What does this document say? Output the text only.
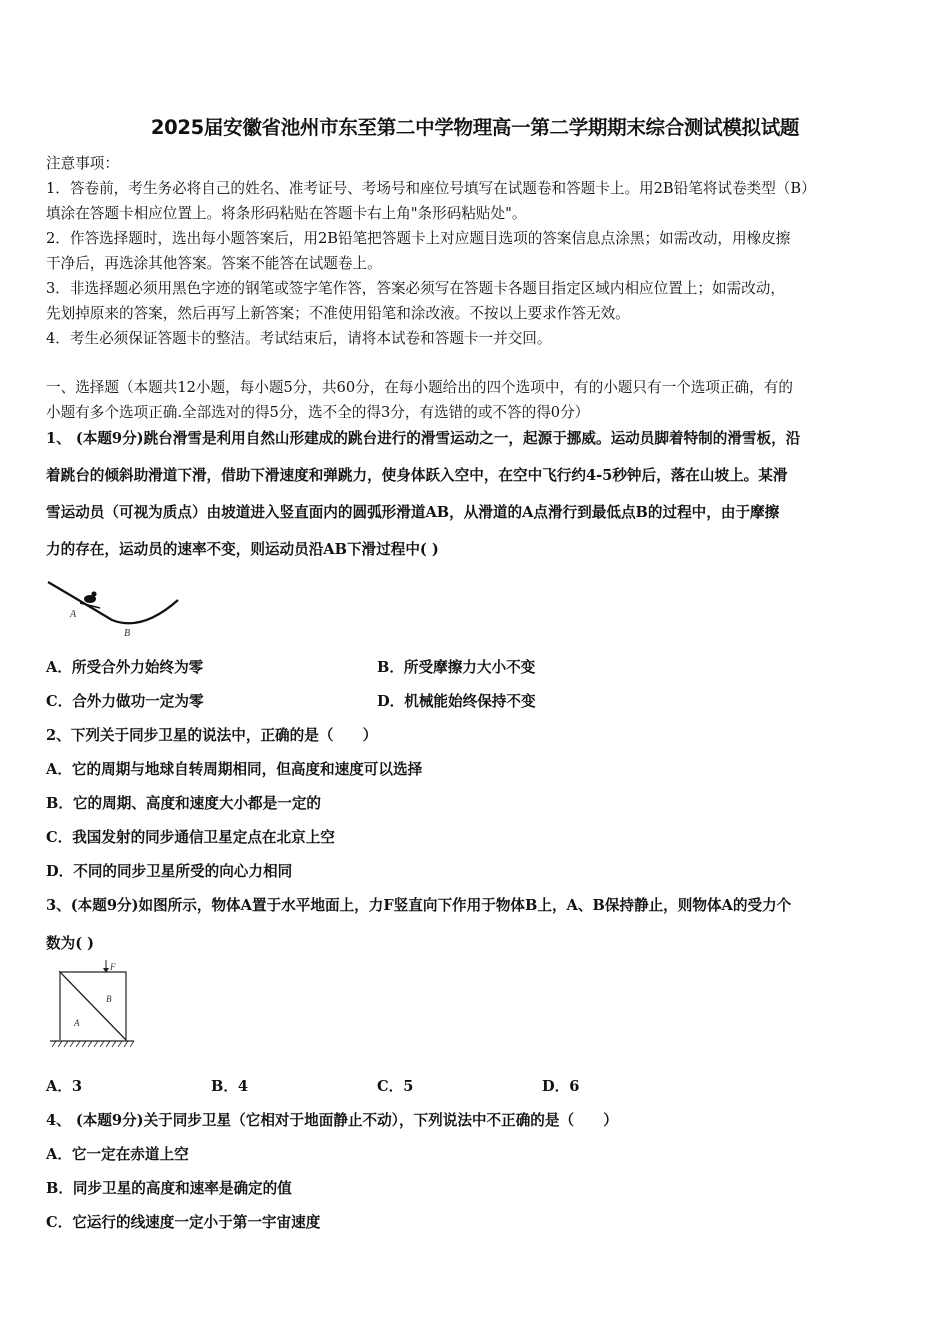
2025届安徽省池州市东至第二中学物理高一第二学期期末综合测试模拟试题
注意事项：
1．答卷前，考生务必将自己的姓名、准考证号、考场号和座位号填写在试题卷和答题卡上。用2B铅笔将试卷类型（B）
填涂在答题卡相应位置上。将条形码粘贴在答题卡右上角"条形码粘贴处"。
2．作答选择题时，选出每小题答案后，用2B铅笔把答题卡上对应题目选项的答案信息点涂黑；如需改动，用橡皮擦
干净后，再选涂其他答案。答案不能答在试题卷上。
3．非选择题必须用黑色字迹的钢笔或签字笔作答，答案必须写在答题卡各题目指定区域内相应位置上；如需改动，
先划掉原来的答案，然后再写上新答案；不准使用铅笔和涂改液。不按以上要求作答无效。
4．考生必须保证答题卡的整洁。考试结束后，请将本试卷和答题卡一并交回。
一、选择题（本题共12小题，每小题5分，共60分，在每小题给出的四个选项中，有的小题只有一个选项正确，有的
小题有多个选项正确.全部选对的得5分，选不全的得3分，有选错的或不答的得0分）
1、 (本题9分)跳台滑雪是利用自然山形建成的跳台进行的滑雪运动之一，起源于挪威。运动员脚着特制的滑雪板，沿
着跳台的倾斜助滑道下滑，借助下滑速度和弹跳力，使身体跃入空中，在空中飞行约4-5秒钟后，落在山坡上。某滑
雪运动员（可视为质点）由坡道进入竖直面内的圆弧形滑道AB，从滑道的A点滑行到最低点B的过程中，由于摩擦
力的存在，运动员的速率不变，则运动员沿AB下滑过程中( )
A
B
A．所受合外力始终为零	B．所受摩擦力大小不变
C．合外力做功一定为零	D．机械能始终保持不变
2、下列关于同步卫星的说法中，正确的是（　　）
A．它的周期与地球自转周期相同，但高度和速度可以选择
B．它的周期、高度和速度大小都是一定的
C．我国发射的同步通信卫星定点在北京上空
D．不同的同步卫星所受的向心力相同
3、(本题9分)如图所示，物体A置于水平地面上，力F竖直向下作用于物体B上，A、B保持静止，则物体A的受力个
数为( )
F
B
A
A．3	B．4	C．5	D．6
4、 (本题9分)关于同步卫星（它相对于地面静止不动），下列说法中不正确的是（　　）
A．它一定在赤道上空
B．同步卫星的高度和速率是确定的值
C．它运行的线速度一定小于第一宇宙速度
